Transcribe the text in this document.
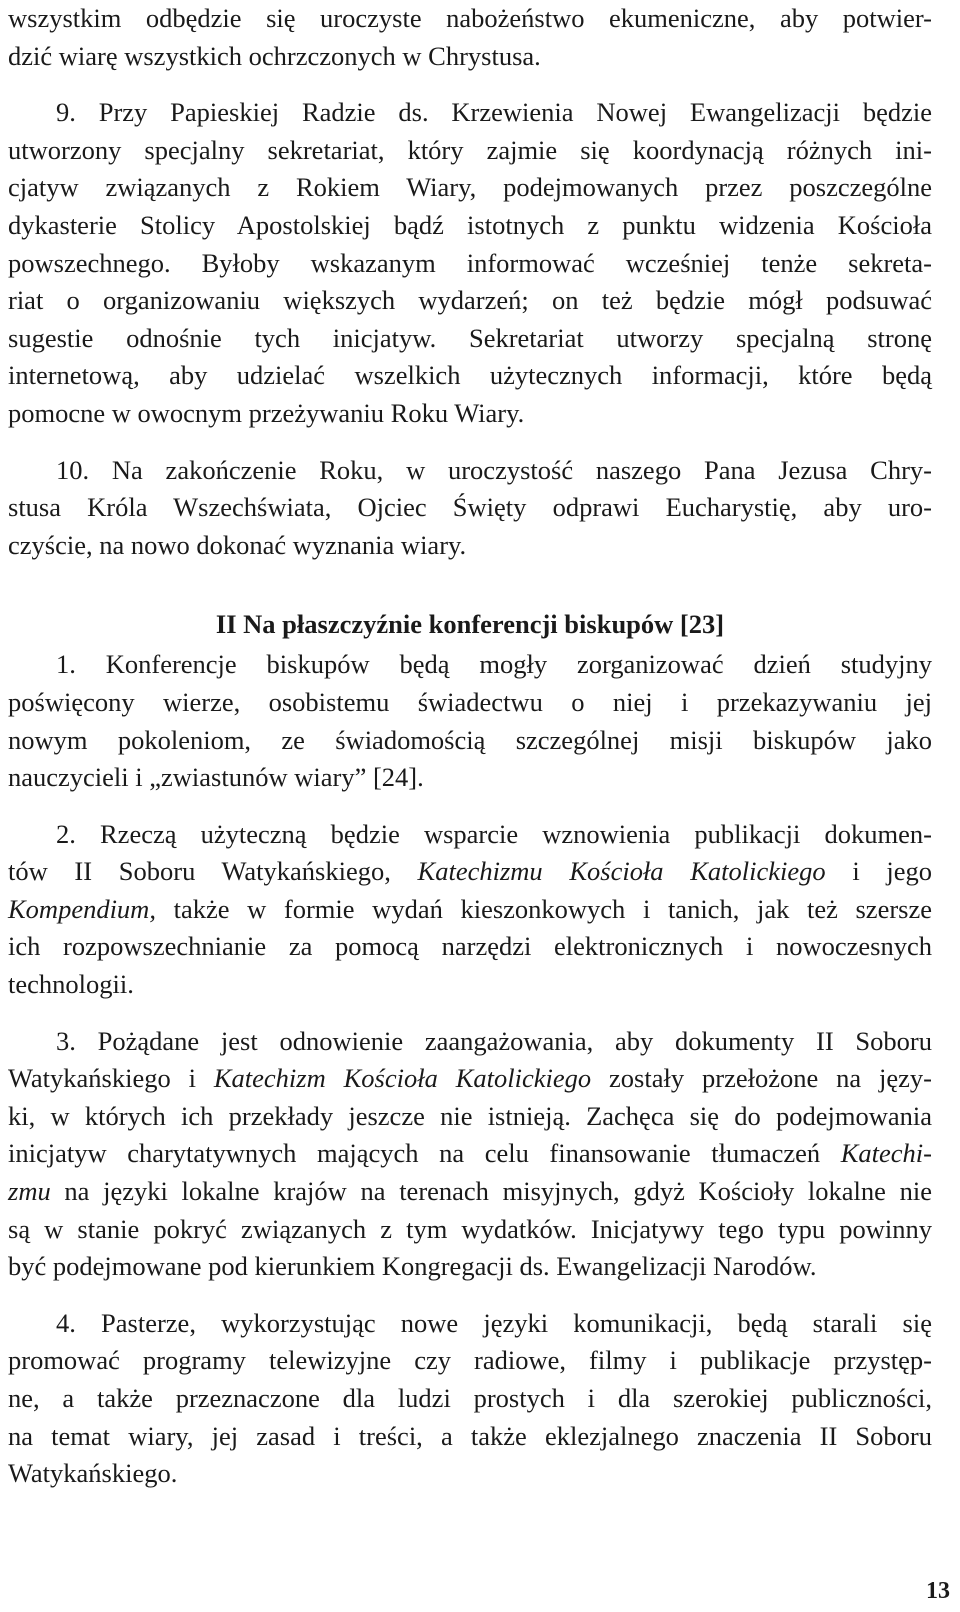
wszystkim odbędzie się uroczyste nabożeństwo ekumeniczne, aby potwier-
dzić wiarę wszystkich ochrzczonych w Chrystusa.
9. Przy Papieskiej Radzie ds. Krzewienia Nowej Ewangelizacji będzie
utworzony specjalny sekretariat, który zajmie się koordynacją różnych ini-
cjatyw związanych z Rokiem Wiary, podejmowanych przez poszczególne
dykasterie Stolicy Apostolskiej bądź istotnych z punktu widzenia Kościoła
powszechnego. Byłoby wskazanym informować wcześniej tenże sekreta-
riat o organizowaniu większych wydarzeń; on też będzie mógł podsuwać
sugestie odnośnie tych inicjatyw. Sekretariat utworzy specjalną stronę
internetową, aby udzielać wszelkich użytecznych informacji, które będą
pomocne w owocnym przeżywaniu Roku Wiary.
10. Na zakończenie Roku, w uroczystość naszego Pana Jezusa Chry-
stusa Króla Wszechświata, Ojciec Święty odprawi Eucharystię, aby uro-
czyście, na nowo dokonać wyznania wiary.
II Na płaszczyźnie konferencji biskupów [23]
1. Konferencje biskupów będą mogły zorganizować dzień studyjny
poświęcony wierze, osobistemu świadectwu o niej i przekazywaniu jej
nowym pokoleniom, ze świadomością szczególnej misji biskupów jako
nauczycieli i „zwiastunów wiary” [24].
2. Rzeczą użyteczną będzie wsparcie wznowienia publikacji dokumen-
tów II Soboru Watykańskiego, Katechizmu Kościoła Katolickiego i jego
Kompendium, także w formie wydań kieszonkowych i tanich, jak też szersze
ich rozpowszechnianie za pomocą narzędzi elektronicznych i nowoczesnych
technologii.
3. Pożądane jest odnowienie zaangażowania, aby dokumenty II Soboru
Watykańskiego i Katechizm Kościoła Katolickiego zostały przełożone na języ-
ki, w których ich przekłady jeszcze nie istnieją. Zachęca się do podejmowania
inicjatyw charytatywnych mających na celu finansowanie tłumaczeń Katechi-
zmu na języki lokalne krajów na terenach misyjnych, gdyż Kościoły lokalne nie
są w stanie pokryć związanych z tym wydatków. Inicjatywy tego typu powinny
być podejmowane pod kierunkiem Kongregacji ds. Ewangelizacji Narodów.
4. Pasterze, wykorzystując nowe języki komunikacji, będą starali się
promować programy telewizyjne czy radiowe, filmy i publikacje przystęp-
ne, a także przeznaczone dla ludzi prostych i dla szerokiej publiczności,
na temat wiary, jej zasad i treści, a także eklezjalnego znaczenia II Soboru
Watykańskiego.
13
